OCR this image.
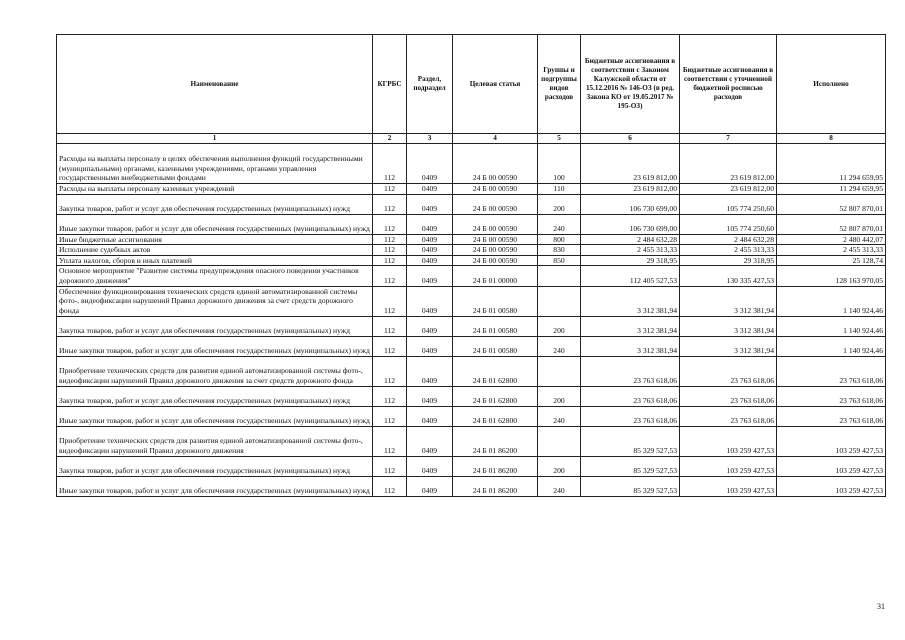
Наименование	КГРБС	Раздел, подраздел	Целевая статья	Группы и подгруппы видов расходов	Бюджетные ассигнования в соответствии с Законом Калужской области от 15.12.2016 № 146-ОЗ (в ред. Закона КО от 19.05.2017 № 195-ОЗ)	Бюджетные ассигнования в соответствии с уточненной бюджетной росписью расходов	Исполнено
1	2	3	4	5	6	7	8
Расходы на выплаты персоналу в целях обеспечения выполнения функций государственными (муниципальными) органами, казенными учреждениями, органами управления государственными внебюджетными фондами	112	0409	24 Б 00 00590	100	23 619 812,00	23 619 812,00	11 294 659,95
Расходы на выплаты персоналу казенных учреждений	112	0409	24 Б 00 00590	110	23 619 812,00	23 619 812,00	11 294 659,95
Закупка товаров, работ и услуг для обеспечения государственных (муниципальных) нужд	112	0409	24 Б 00 00590	200	106 730 699,00	105 774 250,60	52 807 870,01
Иные закупки товаров, работ и услуг для обеспечения государственных (муниципальных) нужд	112	0409	24 Б 00 00590	240	106 730 699,00	105 774 250,60	52 807 870,01
Иные бюджетные ассигнования	112	0409	24 Б 00 00590	800	2 484 632,28	2 484 632,28	2 480 442,07
Исполнение судебных актов	112	0409	24 Б 00 00590	830	2 455 313,33	2 455 313,33	2 455 313,33
Уплата налогов, сборов и иных платежей	112	0409	24 Б 00 00590	850	29 318,95	29 318,95	25 128,74
Основное мероприятие "Развитие системы предупреждения опасного поведения участников дорожного движения"	112	0409	24 Б 01 00000		112 405 527,53	130 335 427,53	128 163 970,05
Обеспечение функционирования технических средств единой автоматизированной системы фото-, видеофиксации нарушений Правил дорожного движения за счет средств дорожного фонда	112	0409	24 Б 01 00580		3 312 381,94	3 312 381,94	1 140 924,46
Закупка товаров, работ и услуг для обеспечения государственных (муниципальных) нужд	112	0409	24 Б 01 00580	200	3 312 381,94	3 312 381,94	1 140 924,46
Иные закупки товаров, работ и услуг для обеспечения государственных (муниципальных) нужд	112	0409	24 Б 01 00580	240	3 312 381,94	3 312 381,94	1 140 924,46
Приобретение технических средств для развития единой автоматизированной системы фото-, видеофиксации нарушений Правил дорожного движения за счет средств дорожного фонда	112	0409	24 Б 01 62800		23 763 618,06	23 763 618,06	23 763 618,06
Закупка товаров, работ и услуг для обеспечения государственных (муниципальных) нужд	112	0409	24 Б 01 62800	200	23 763 618,06	23 763 618,06	23 763 618,06
Иные закупки товаров, работ и услуг для обеспечения государственных (муниципальных) нужд	112	0409	24 Б 01 62800	240	23 763 618,06	23 763 618,06	23 763 618,06
Приобретение технических средств для развития единой автоматизированной системы фото-, видеофиксации нарушений Правил дорожного движения	112	0409	24 Б 01 86200		85 329 527,53	103 259 427,53	103 259 427,53
Закупка товаров, работ и услуг для обеспечения государственных (муниципальных) нужд	112	0409	24 Б 01 86200	200	85 329 527,53	103 259 427,53	103 259 427,53
Иные закупки товаров, работ и услуг для обеспечения государственных (муниципальных) нужд	112	0409	24 Б 01 86200	240	85 329 527,53	103 259 427,53	103 259 427,53
31
